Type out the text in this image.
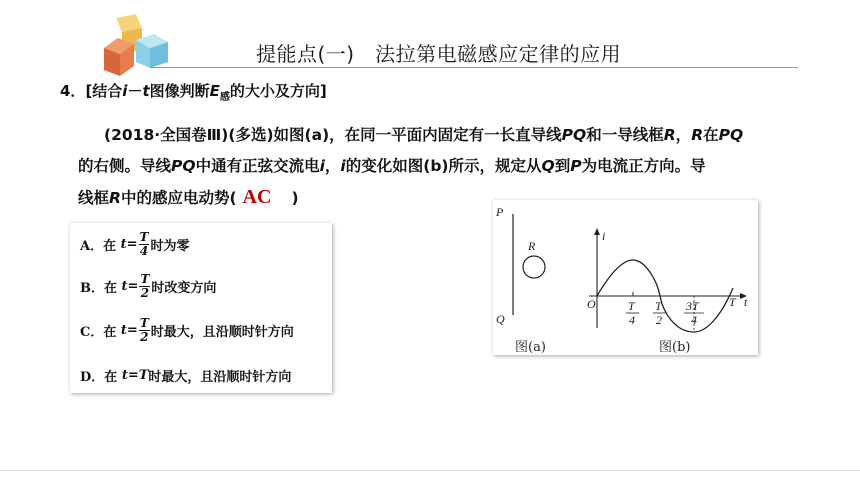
提能点(一)　法拉第电磁感应定律的应用
4．[结合i－t图像判断$E_感$的大小及方向]

(2018·全国卷Ⅲ)(多选)如图(a)，在同一平面内固定有一长直导线PQ和一导线框R，R在PQ

的右侧。导线PQ中通有正弦交流电i，i的变化如图(b)所示，规定从Q到P为电流正方向。导

线框R中的感应电动势( AC )

A．在
$t = \frac{T}{4}$ 时为零
B．在
$t = \frac{T}{2}$ 时改变方向
C．在
$t = \frac{T}{2}$ 时最大，且沿顺时针方向
D．在
t = T 时最大，且沿顺时针方向
P
Q
R
图(a)
i
t
O	T
4
T
2
3T
4
T
图(b)
